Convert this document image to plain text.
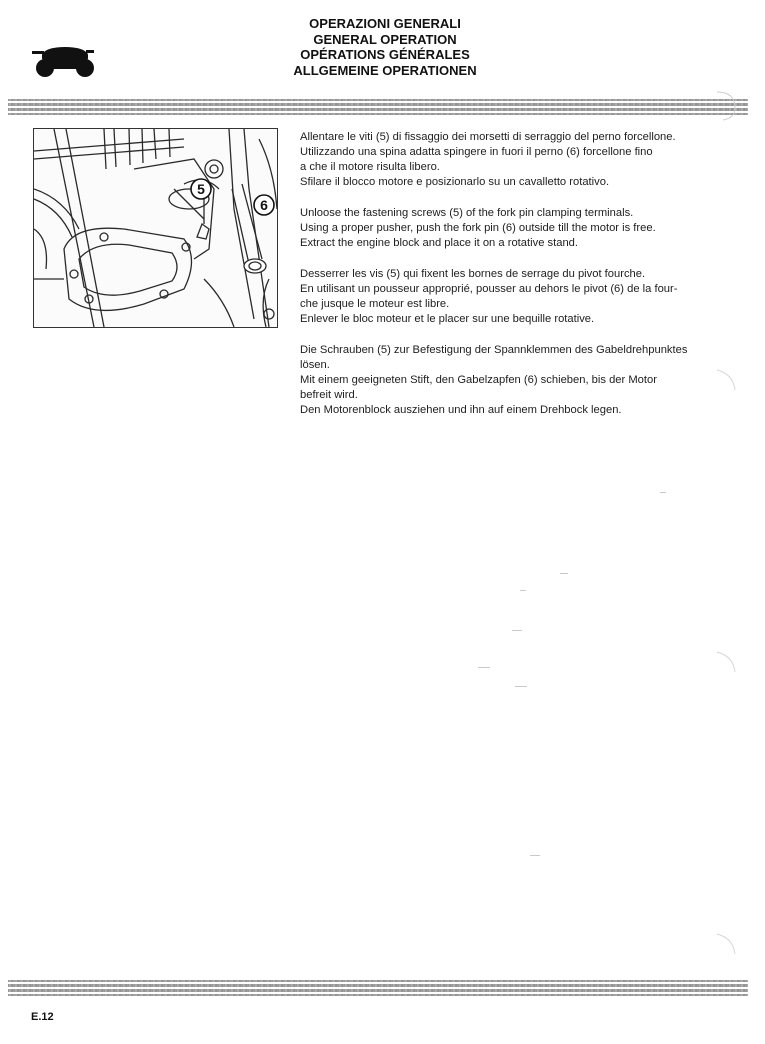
OPERAZIONI GENERALI
GENERAL OPERATION
OPÉRATIONS GÉNÉRALES
ALLGEMEINE OPERATIONEN
5
6

Allentare le viti (5) di fissaggio dei morsetti di serraggio del perno forcellone.

Utilizzando una spina adatta spingere in fuori il perno (6) forcellone fino

a che il motore risulta libero.

Sfilare il blocco motore e posizionarlo su un cavalletto rotativo.

Unloose the fastening screws (5) of the fork pin clamping terminals.

Using a proper pusher, push the fork pin (6) outside till the motor is free.

Extract the engine block and place it on a rotative stand.

Desserrer les vis (5) qui fixent les bornes de serrage du pivot fourche.

En utilisant un pousseur approprié, pousser au dehors le pivot (6) de la four-

che jusque le moteur est libre.

Enlever le bloc moteur et le placer sur une bequille rotative.

Die Schrauben (5) zur Befestigung der Spannklemmen des Gabeldrehpunktes

lösen.

Mit einem geeigneten Stift, den Gabelzapfen (6) schieben, bis der Motor

befreit wird.

Den Motorenblock ausziehen und ihn auf einem Drehbock legen.

E.12
